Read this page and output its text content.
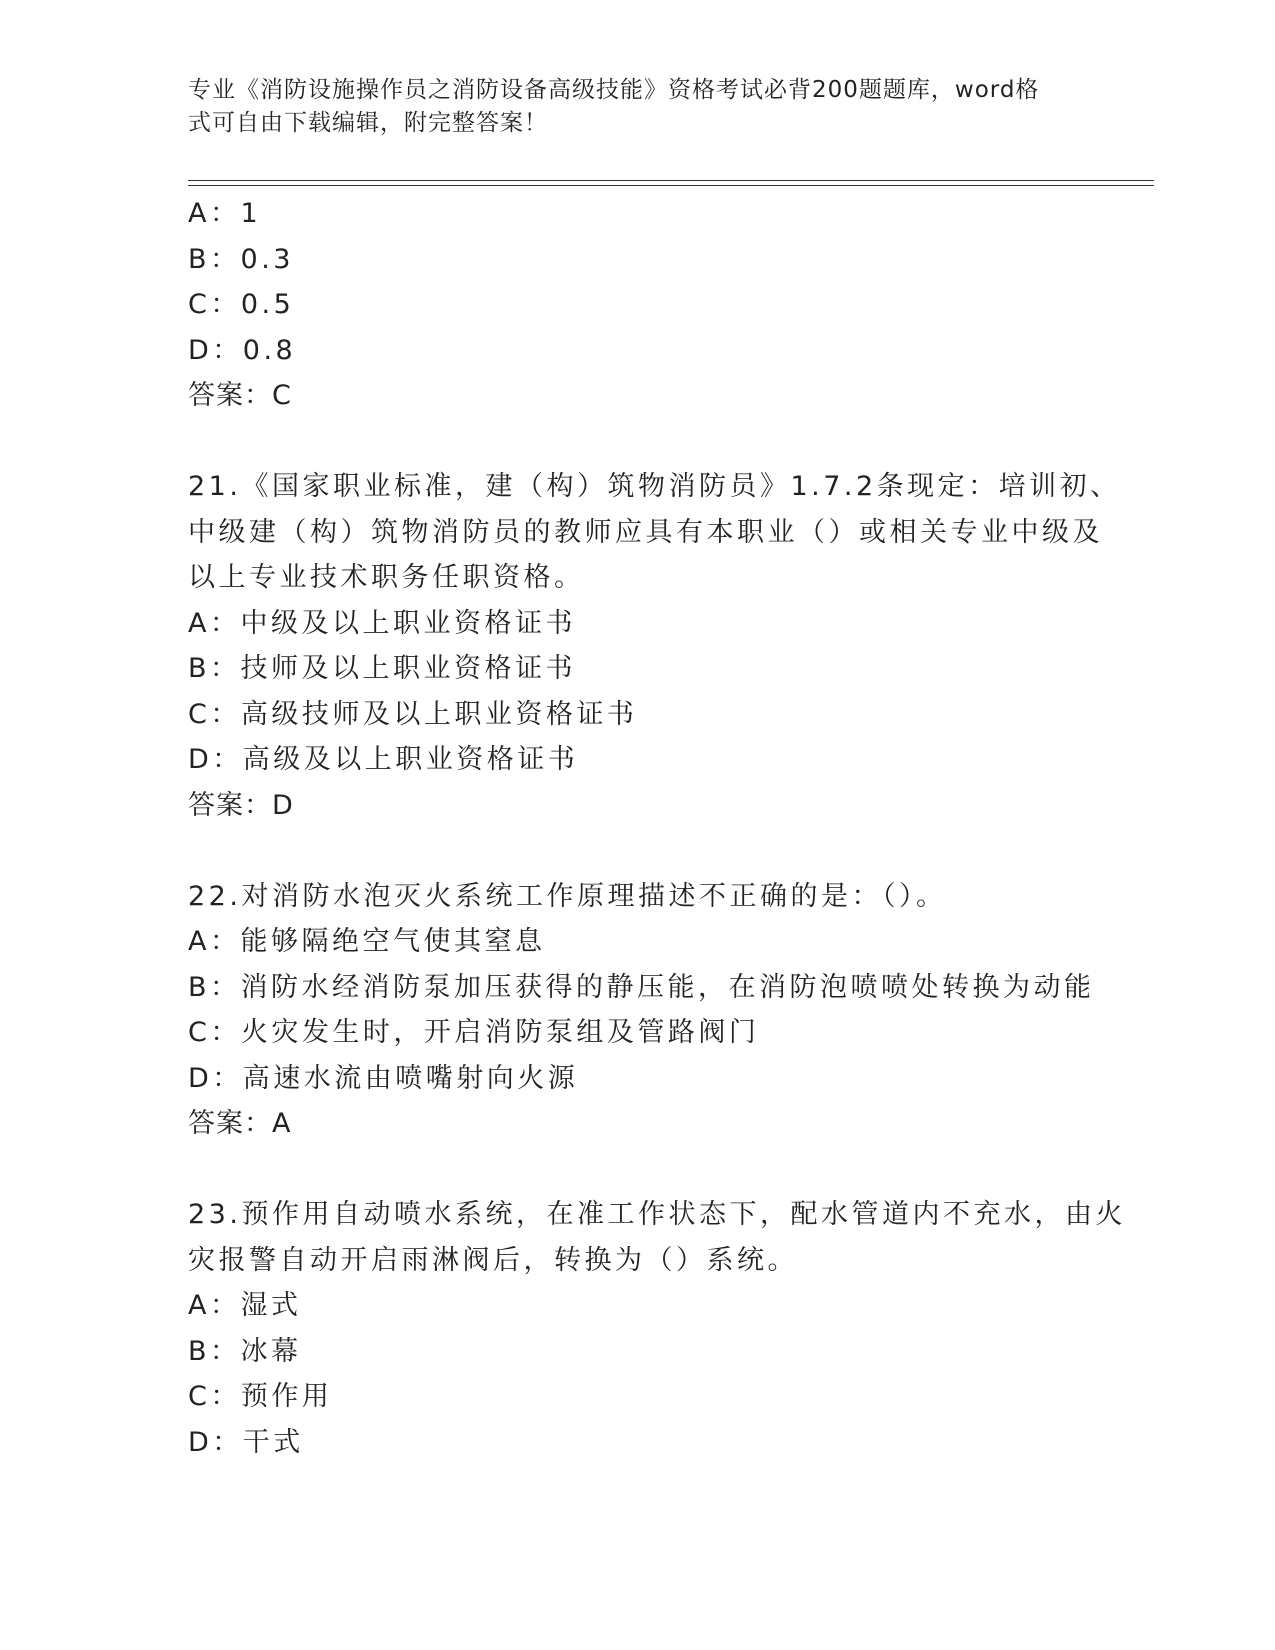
专业《消防设施操作员之消防设备高级技能》资格考试必背200题题库，word格
式可自由下载编辑，附完整答案！
A：1
B：0.3
C：0.5
D：0.8
答案：C
21.《国家职业标准，建（构）筑物消防员》1.7.2条现定：培训初、
中级建（构）筑物消防员的教师应具有本职业（）或相关专业中级及
以上专业技术职务任职资格。
A：中级及以上职业资格证书
B：技师及以上职业资格证书
C：高级技师及以上职业资格证书
D：高级及以上职业资格证书
答案：D
22.对消防水泡灭火系统工作原理描述不正确的是：（）。
A：能够隔绝空气使其窒息
B：消防水经消防泵加压获得的静压能，在消防泡喷喷处转换为动能
C：火灾发生时，开启消防泵组及管路阀门
D：高速水流由喷嘴射向火源
答案：A
23.预作用自动喷水系统，在准工作状态下，配水管道内不充水，由火
灾报警自动开启雨淋阀后，转换为（）系统。
A：湿式
B：冰幕
C：预作用
D：干式
